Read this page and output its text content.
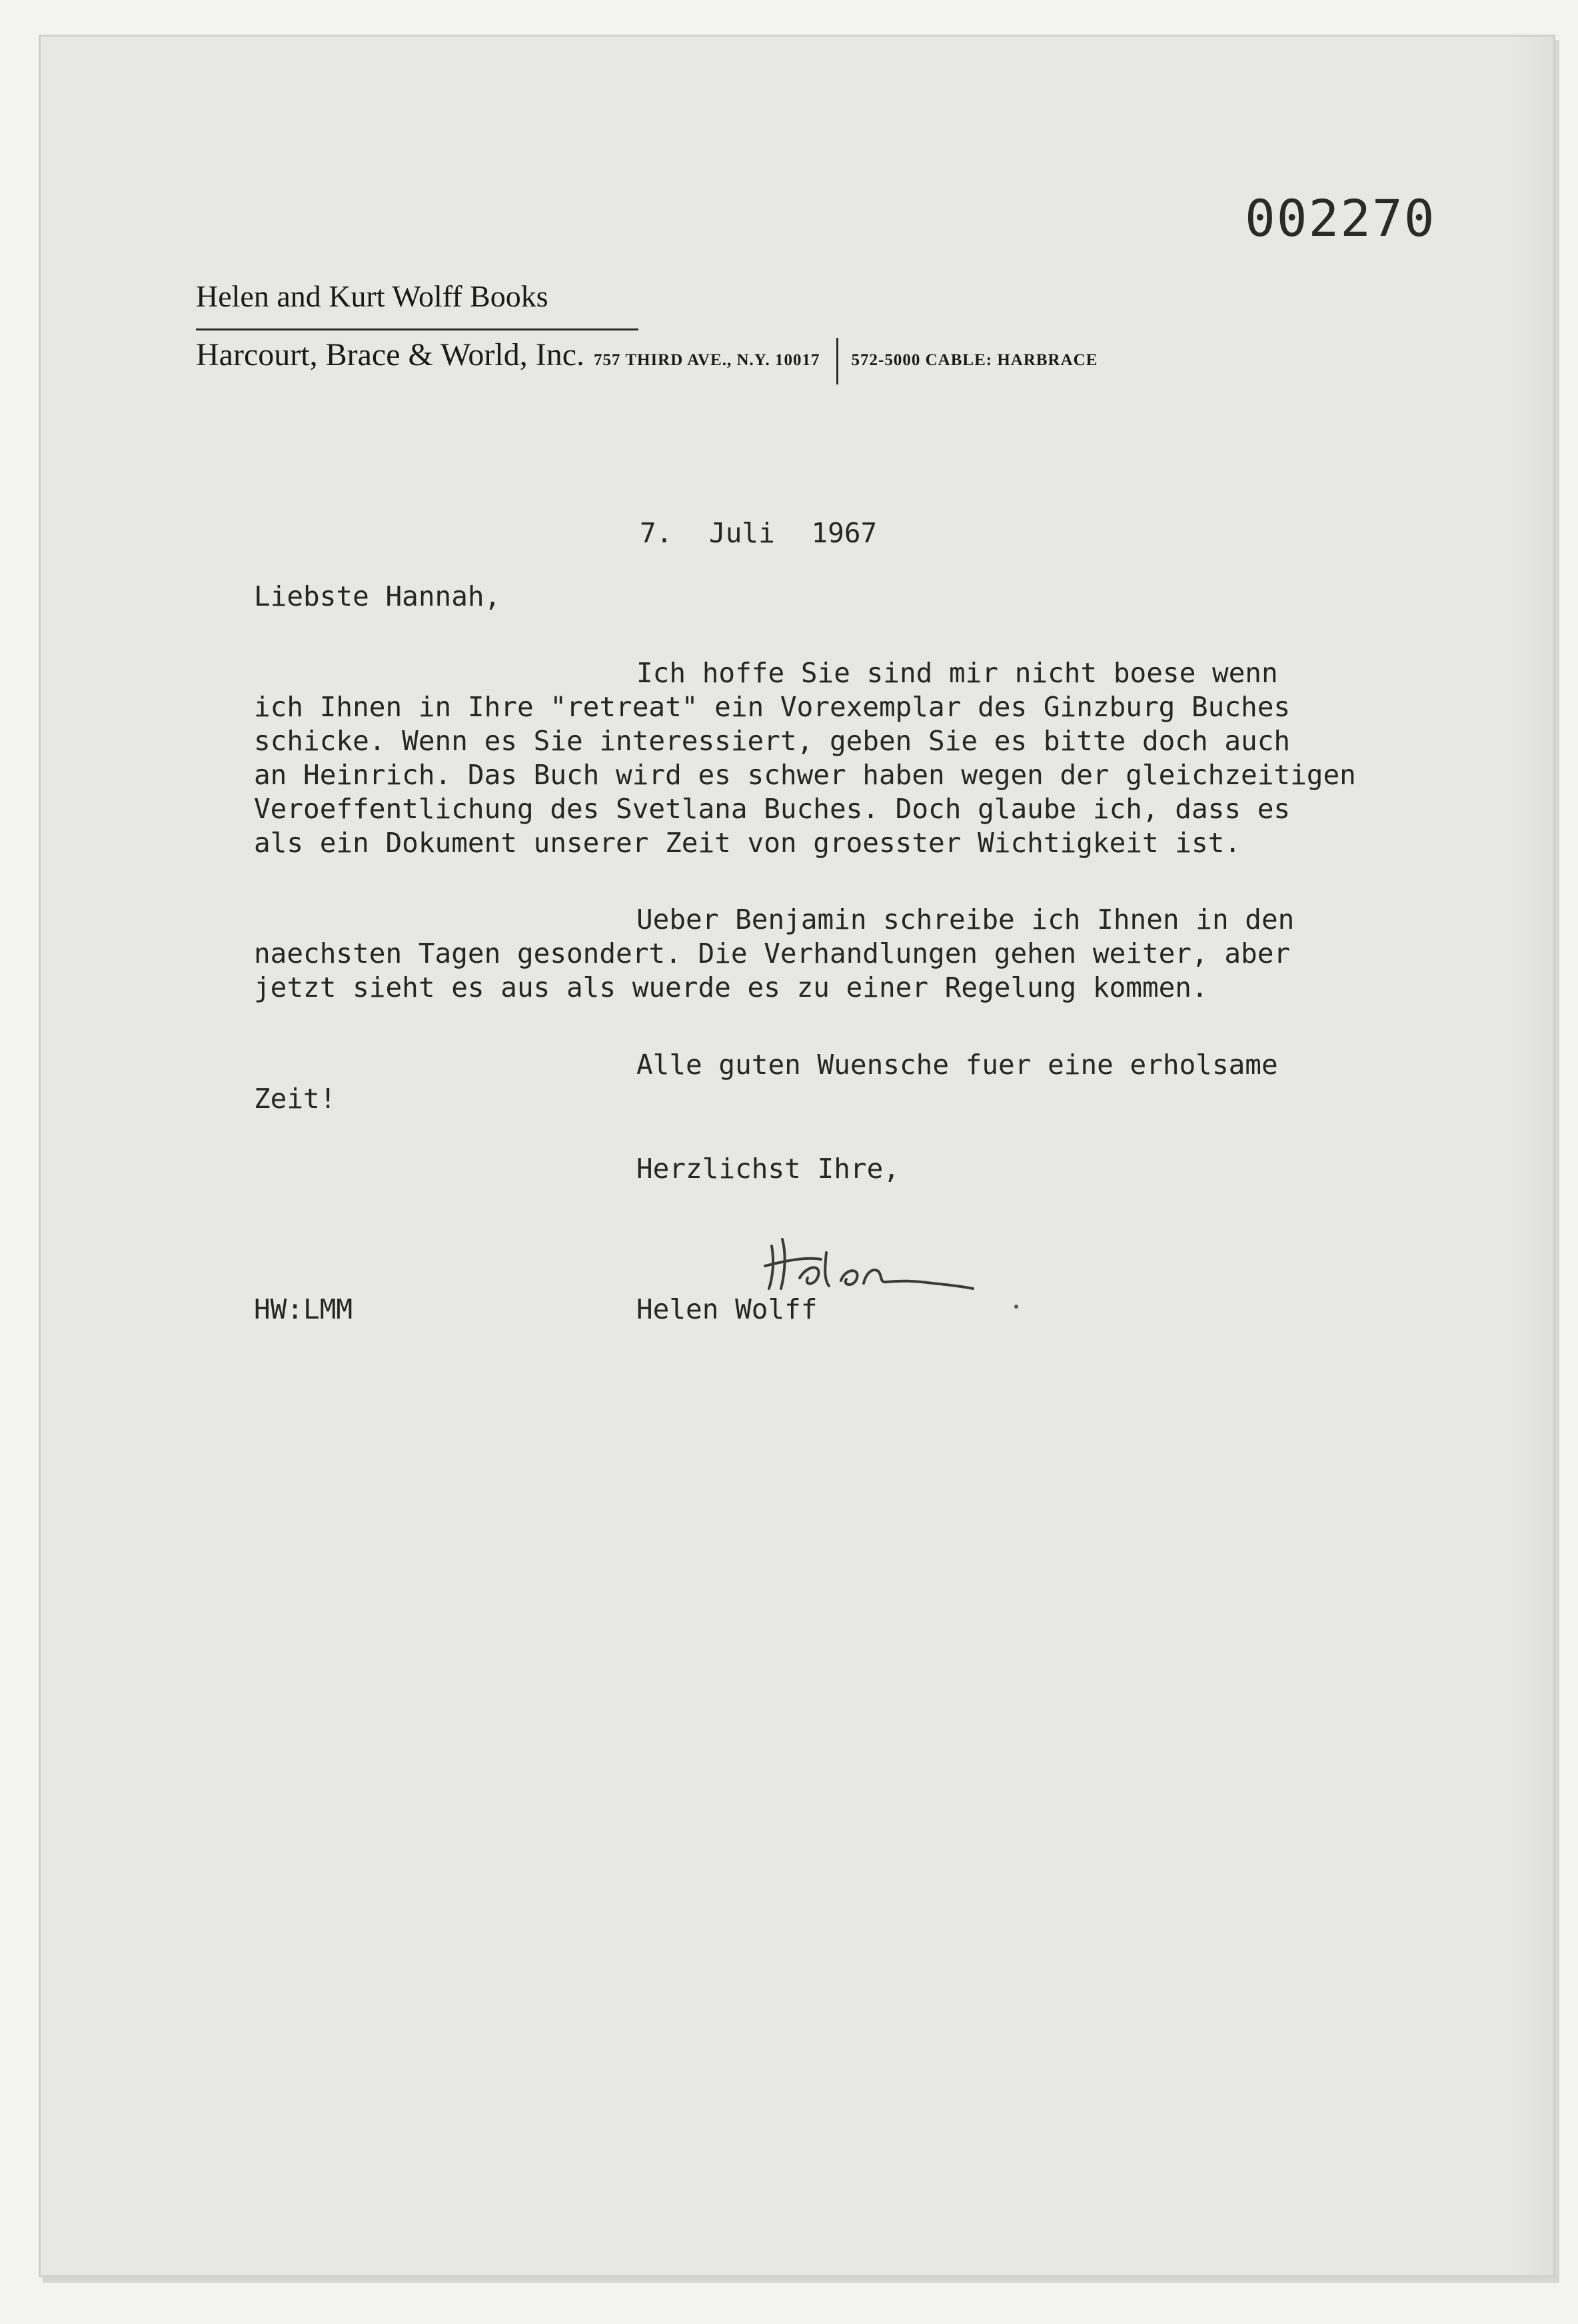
002270
Helen and Kurt Wolff Books
Harcourt, Brace & World, Inc. 757 THIRD AVE., N.Y. 10017 572-5000 CABLE: HARBRACE
7. Juli 1967
Liebste Hannah,
Ich hoffe Sie sind mir nicht boese wenn
ich Ihnen in Ihre "retreat" ein Vorexemplar des Ginzburg Buches
schicke. Wenn es Sie interessiert, geben Sie es bitte doch auch
an Heinrich. Das Buch wird es schwer haben wegen der gleichzeitigen
Veroeffentlichung des Svetlana Buches. Doch glaube ich, dass es
als ein Dokument unserer Zeit von groesster Wichtigkeit ist.
Ueber Benjamin schreibe ich Ihnen in den
naechsten Tagen gesondert. Die Verhandlungen gehen weiter, aber
jetzt sieht es aus als wuerde es zu einer Regelung kommen.
Alle guten Wuensche fuer eine erholsame
Zeit!
Herzlichst Ihre,
HW:LMM	Helen Wolff
